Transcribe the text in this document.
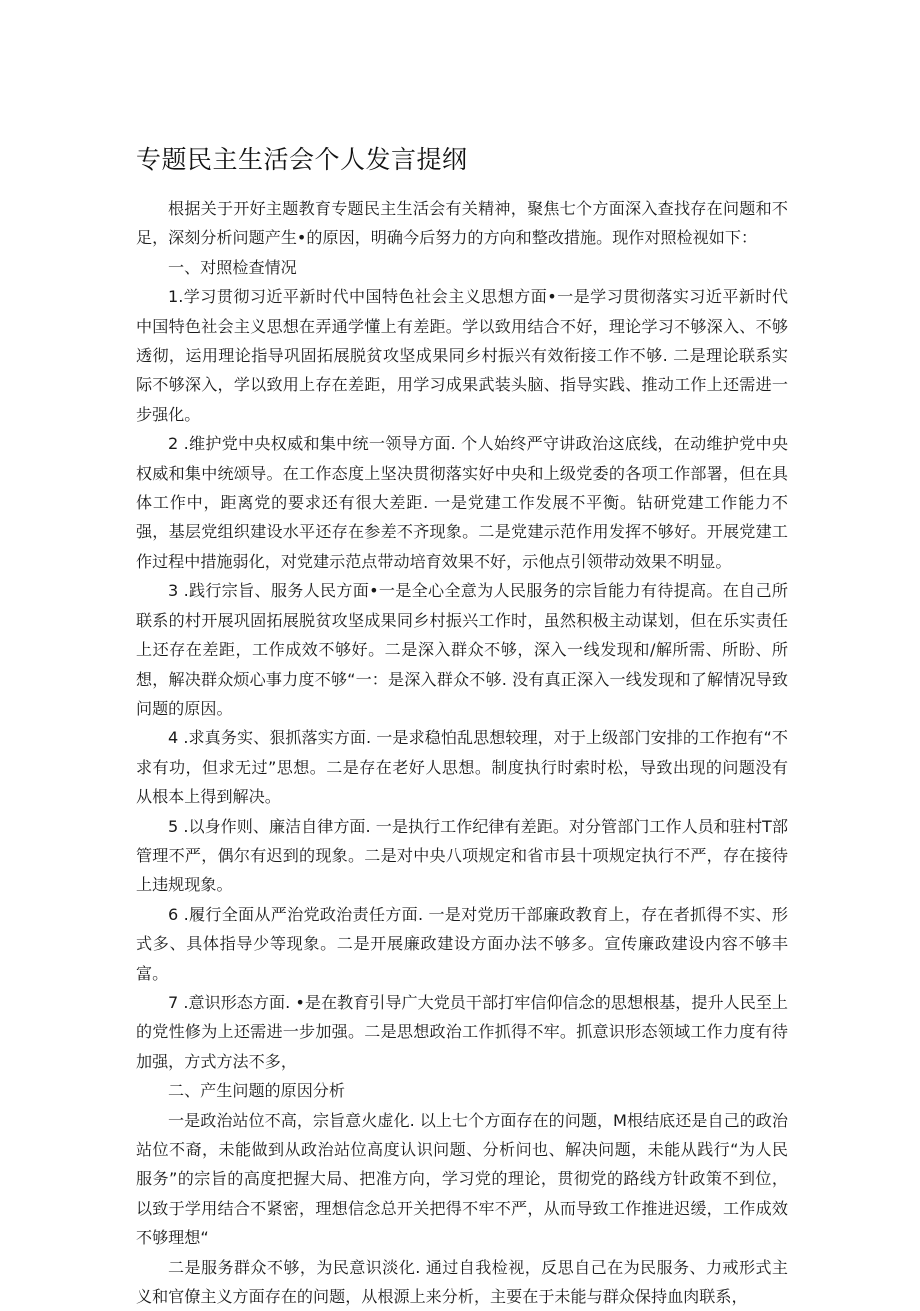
专题民主生活会个人发言提纲

根据关于开好主题教育专题民主生活会有关精神，聚焦七个方面深入查找存在问题和不足，深刻分析问题产生•的原因，明确今后努力的方向和整改措施。现作对照检视如下：

一、对照检查情况

1.学习贯彻习近平新时代中国特色社会主义思想方面•一是学习贯彻落实习近平新时代中国特色社会主义思想在弄通学懂上有差距。学以致用结合不好，理论学习不够深入、不够透彻，运用理论指导巩固拓展脱贫攻坚成果同乡村振兴有效衔接工作不够. 二是理论联系实际不够深入，学以致用上存在差距，用学习成果武装头脑、指导实践、推动工作上还需进一步强化。

2 .维护党中央权威和集中统一领导方面. 个人始终严守讲政治这底线，在动维护党中央权威和集中统颂导。在工作态度上坚决贯彻落实好中央和上级党委的各项工作部署，但在具体工作中，距离党的要求还有很大差距. 一是党建工作发展不平衡。钻研党建工作能力不强，基层党组织建设水平还存在参差不齐现象。二是党建示范作用发挥不够好。开展党建工作过程中措施弱化，对党建示范点带动培育效果不好，示他点引领带动效果不明显。

3 .践行宗旨、服务人民方面•一是全心全意为人民服务的宗旨能力有待提高。在自己所联系的村开展巩固拓展脱贫攻坚成果同乡村振兴工作时，虽然积极主动谋划，但在乐实责任上还存在差距，工作成效不够好。二是深入群众不够，深入一线发现和/解所需、所盼、所想，解决群众烦心事力度不够“一：是深入群众不够. 没有真正深入一线发现和了解情况导致问题的原因。

4 .求真务实、狠抓落实方面. 一是求稳怕乱思想较理，对于上级部门安排的工作抱有“不求有功，但求无过”思想。二是存在老好人思想。制度执行时索时松，导致出现的问题没有从根本上得到解决。

5 .以身作则、廉洁自律方面. 一是执行工作纪律有差距。对分管部门工作人员和驻村T部管理不严，偶尔有迟到的现象。二是对中央八项规定和省市县十项规定执行不严，存在接待上违规现象。

6 .履行全面从严治党政治责任方面. 一是对党历干部廉政教育上，存在者抓得不实、形式多、具体指导少等现象。二是开展廉政建设方面办法不够多。宣传廉政建设内容不够丰富。

7 .意识形态方面. •是在教育引导广大党员干部打牢信仰信念的思想根基，提升人民至上的党性修为上还需进一步加强。二是思想政治工作抓得不牢。抓意识形态领域工作力度有待加强，方式方法不多，

二、产生问题的原因分析

一是政治站位不高，宗旨意火虚化. 以上七个方面存在的问题，M根结底还是自己的政治站位不裔，未能做到从政治站位高度认识问题、分析问也、解决问题，未能从践行“为人民服务”的宗旨的高度把握大局、把准方向，学习党的理论，贯彻党的路线方针政策不到位，以致于学用结合不紧密，理想信念总开关把得不牢不严，从而导致工作推进迟缓，工作成效不够理想“

二是服务群众不够，为民意识淡化. 通过自我检视，反思自己在为民服务、力戒形式主义和官僚主义方面存在的问题，从根源上来分析，主要在于未能与群众保持血肉联系，
